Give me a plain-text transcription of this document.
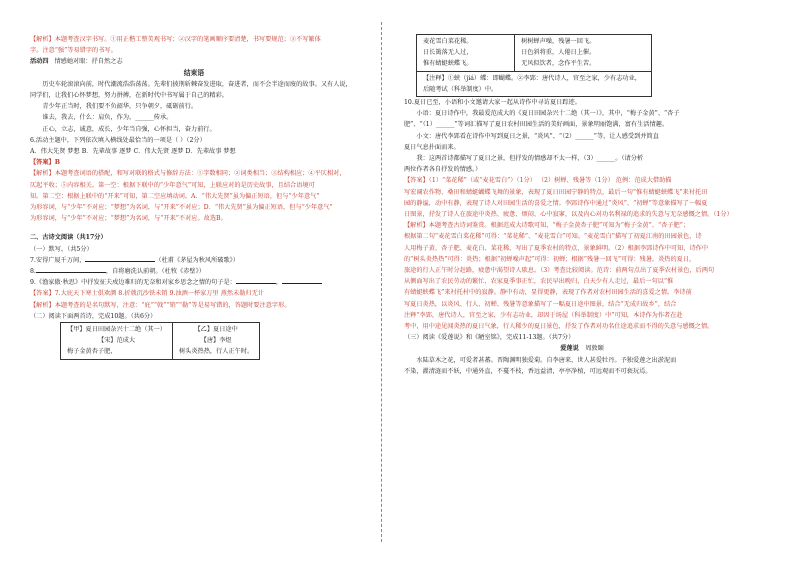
【解析】本题考查汉字书写。①用正楷工整美观书写；②汉字的笔画顺序要清楚，书写要规范；③不写繁体

字。注意“强”等易错字的书写。

活动四 情感她对眼：抒自然之志

结束语

历史车轮滚滚向前，时代潮流浩浩荡荡。先辈们披荆斩棘奋发进取，奋进者，而不会半途而废的故事。又有人说，

同学们，让我们心怀梦想，努力拼搏，在新时代中书写属于自己的精彩。

青少年正当时，我们要不负韶华，只争朝夕，砥砺前行。

谁去，我去，什么：肩负，作为，______传承。

正心，立志，诚意，成长，少年当自强，心怀担当，奋力前行。

6.活动主题中，下列依次填入横线处最恰当的一项是（ ）（2分）

A．伟大先贤 梦想 B．先辈故事 逐梦 C．伟大先贤 逐梦 D．先辈故事 梦想

【答案】B

【解析】本题考查词语的搭配，和写对联的格式与修辞方法：①字数相同；②词类相当；③结构相应；④平仄相对，

仄起平收；⑤内容相关。第一空：根据下联中的“少年意气”可知，上联应对的是历史故事，且结合语境可

知。第二空：根据上联中的“开来”可知，第二空应填动词。A．“伟大先贤”虽为偏正短语，但与“少年意气”

为形容词，与“少年”不对应；“梦想”为名词，与“开来”不对应；D．“伟大先贤”虽为偏正短语，但与“少年意气”

为形容词，与“少年”不对应；“梦想”为名词，与“开来”不对应。故选B。

二、古诗文阅读（共17分）

（一）默写。（共5分）

7.安得广厦千万间，	（杜甫《茅屋为秋风所破歌》）

8.	，自将磨洗认前朝。（杜牧《赤壁》）

9.《渔家傲·秋思》中抒发征夫戍边难归的无奈和对家乡思念之情的句子是：	，

【答案】7.大庇天下寒士俱欢颜 8.折戟沉沙铁未销 9.浊酒一杯家万里 燕然未勒归无计

【解析】本题考查的是名句默写，注意：“庇”“戟”“销”“勒”等是易写错的，答题时要注意字形。

（二）阅读下面两首诗，完成10题。（共6分）

【甲】夏日田园杂兴十二绝（其一）
【宋】范成大
梅子金黄杏子肥，

【乙】夏日途中
【唐】李煜
树头炎热热，行人正午时。
麦花雪白菜花稀。
日长篱落无人过，
惟有蜻蜓蛱蝶飞。

树树蝉声噪，残暑一回飞。
日色斜将重，人倦日上催。
无风似饮者，念作平生苦。

【注释】①蛱（jiá）蝶：即蝴蝶。②李郢：唐代诗人，官至之家，少有志功业，
后随考试（科举制度）中。

10.夏日已至，小语和小文邀请大家一起从诗作中寻访夏日踪迹。

小语：夏日诗作中，我最爱范成大的《夏日田园杂兴十二绝（其一）》，其中，“梅子金黄”、“杏子

肥”、“（1）______”等词汇描写了夏日农村田园生活的美好画面，景象明丽饱满，富有生活情趣。

小文：唐代李郢看在诗作中写到夏日之景，“炎风”、“（2）______”等，让人感受到并简直

夏日气息扑面而来。

我：这两首诗都描写了夏日之景，但抒发的情感却不太一样，（3）______。（请分析

两位作者各自抒发的情感。）

【答案】（1）“菜花稀”（或“麦花雪白”）（1分） （2）树蝉、残暑等（1分） 范例：范成大借助描

写宏阔农作物、桑田和蜻蜓蝴蝶飞舞的景象，表现了夏日田园宁静的特点，最后一句“惟有蜻蜓蛱蝶飞”来衬托田

园的静谧，动中有静，表现了诗人对田园生活的喜爱之情。李郢诗作中通过“炎风”、“初蝉”等意象描写了一幅夏

日图景，抒发了诗人在旅途中炎热、疲惫、烦闷、心中寂寥，以及内心对功名利禄的追求的失意与无奈感慨之情。（1分）

【解析】本题考查古诗词鉴赏。根据范成大诗歌可知，“梅子金黄杏子肥”可知为“梅子金黄”、“杏子肥”；

根据第二句“麦花雪白菜花稀”可得：“菜花稀”、“麦花雪白”可知。“麦花雪白”描写了初夏江南的田园景色，诗

人用梅子黄、杏子肥、麦花白、菜花稀，写出了夏季农村的特点，景象鲜明。（2）根据李郢诗作中可知，诗作中

的“树头炎热热”可得：炎热；根据“初蝉噪声起”可得：初蝉；根据“残暑一回飞”可得：残暑。炎热的夏日，

旅途的行人正午时分赶路，疲惫中渴望诗人歇息。（3）考查比较阅读。范诗：前两句点出了夏季农村景色，后两句

从侧面写出了农民劳动的繁忙，农家夏季事正忙，农民早出晚归，白天少有人走过，最后一句以“惟

有蜻蜓蛱蝶飞”来衬托村中的寂静。静中有动，显得更静，表现了作者对农村田园生活的喜爱之情。李诗前

写夏日炎热，以炎风、行人、初蝉、残暑等意象描写了一幅夏日途中图景，结合“无成归故乡”，结合

注释“李郢，唐代诗人，官至之家，少有志功业，却因于场屋（科举制度）中”可知，本诗作为作者在赴

考中，用中途见闻炎热的夏日气象，行人稀少的夏日景色，抒发了作者对功名仕途追求而不得的失意与感慨之情。

（三）阅读《爱莲说》和《陋室铭》，完成11-13题。（共7分）

爱莲说 周敦颐

水陆草木之花，可爱者甚蕃。晋陶渊明独爱菊。自李唐来，世人甚爱牡丹。予独爱莲之出淤泥而

不染，濯清涟而不妖，中通外直，不蔓不枝，香远益清，亭亭净植，可远观而不可亵玩焉。
